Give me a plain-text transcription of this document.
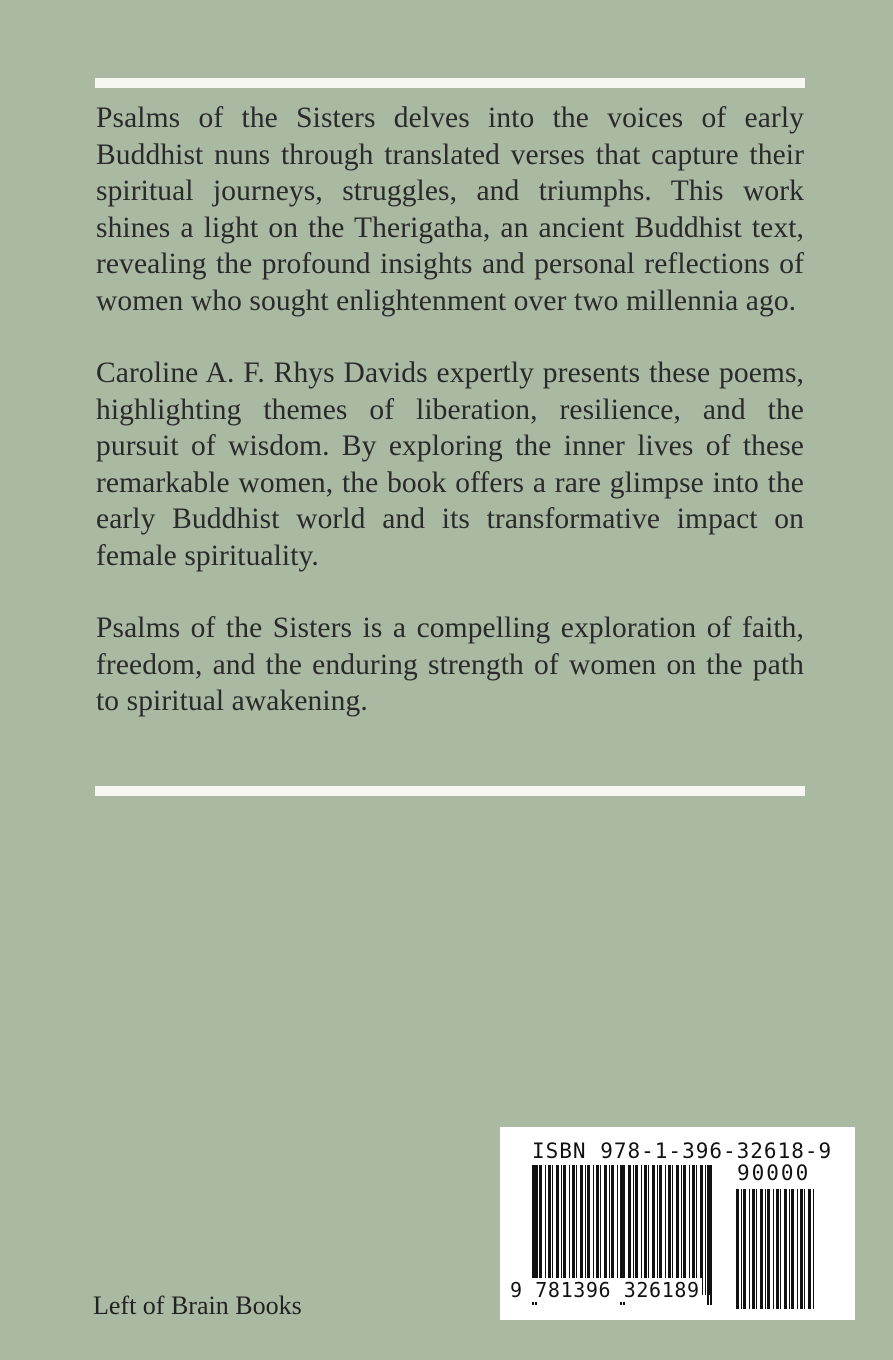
Psalms of the Sisters delves into the voices of early Buddhist nuns through translated verses that capture their spiritual journeys, struggles, and triumphs. This work shines a light on the Therigatha, an ancient Buddhist text, revealing the profound insights and personal reflections of women who sought enlightenment over two millennia ago.

Caroline A. F. Rhys Davids expertly presents these poems, highlighting themes of liberation, resilience, and the pursuit of wisdom. By exploring the inner lives of these remarkable women, the book offers a rare glimpse into the early Buddhist world and its transformative impact on female spirituality.

Psalms of the Sisters is a compelling exploration of faith, freedom, and the enduring strength of women on the path to spiritual awakening.

Left of Brain Books
ISBN 978-1-396-32618-9
90000
9 781396 326189
